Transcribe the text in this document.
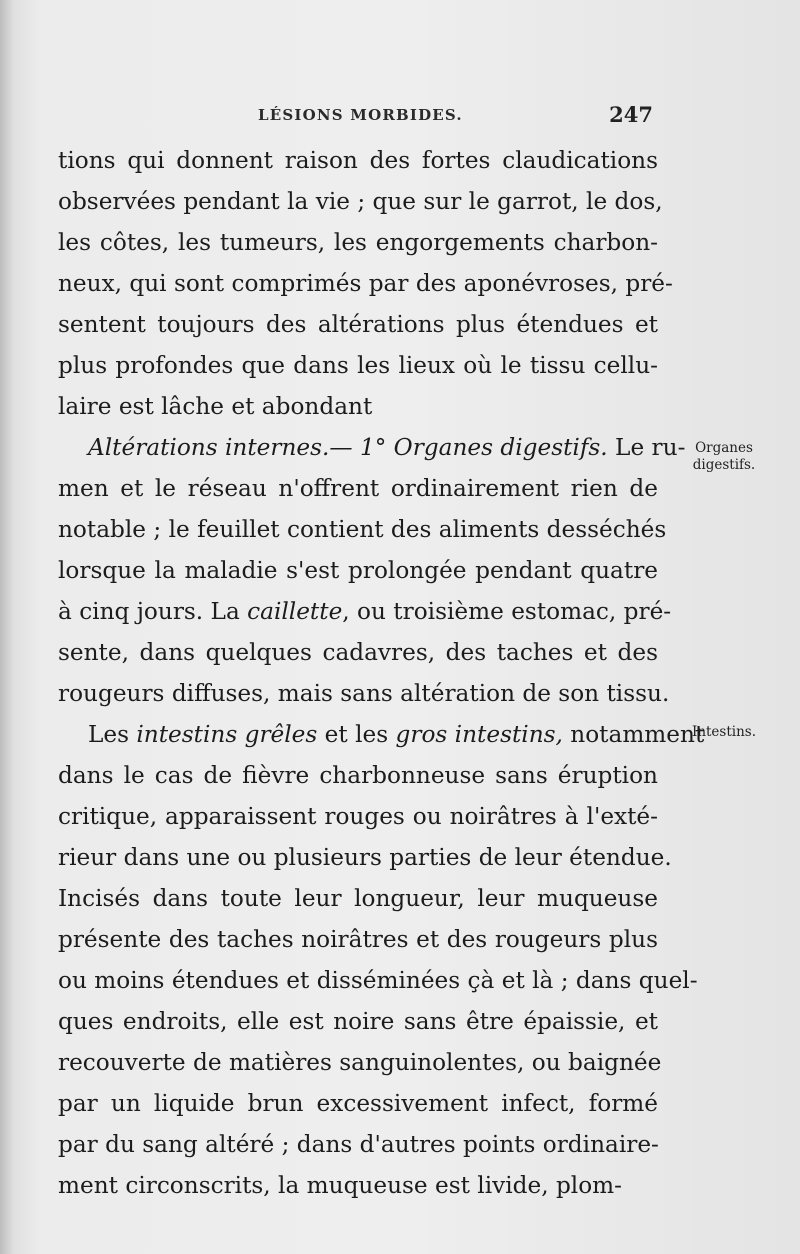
LÉSIONS MORBIDES.	247
tions qui donnent raison des fortes claudications
observées pendant la vie ; que sur le garrot, le dos,
les côtes, les tumeurs, les engorgements charbon-
neux, qui sont comprimés par des aponévroses, pré-
sentent toujours des altérations plus étendues et
plus profondes que dans les lieux où le tissu cellu-
laire est lâche et abondant
Altérations internes.— 1° Organes digestifs. Le ru-
men et le réseau n'offrent ordinairement rien de
notable ; le feuillet contient des aliments desséchés
lorsque la maladie s'est prolongée pendant quatre
à cinq jours. La caillette, ou troisième estomac, pré-
sente, dans quelques cadavres, des taches et des
rougeurs diffuses, mais sans altération de son tissu.
Les intestins grêles et les gros intestins, notamment
dans le cas de fièvre charbonneuse sans éruption
critique, apparaissent rouges ou noirâtres à l'exté-
rieur dans une ou plusieurs parties de leur étendue.
Incisés dans toute leur longueur, leur muqueuse
présente des taches noirâtres et des rougeurs plus
ou moins étendues et disséminées çà et là ; dans quel-
ques endroits, elle est noire sans être épaissie, et
recouverte de matières sanguinolentes, ou baignée
par un liquide brun excessivement infect, formé
par du sang altéré ; dans d'autres points ordinaire-
ment circonscrits, la muqueuse est livide, plom-
Organes
digestifs.
Intestins.
